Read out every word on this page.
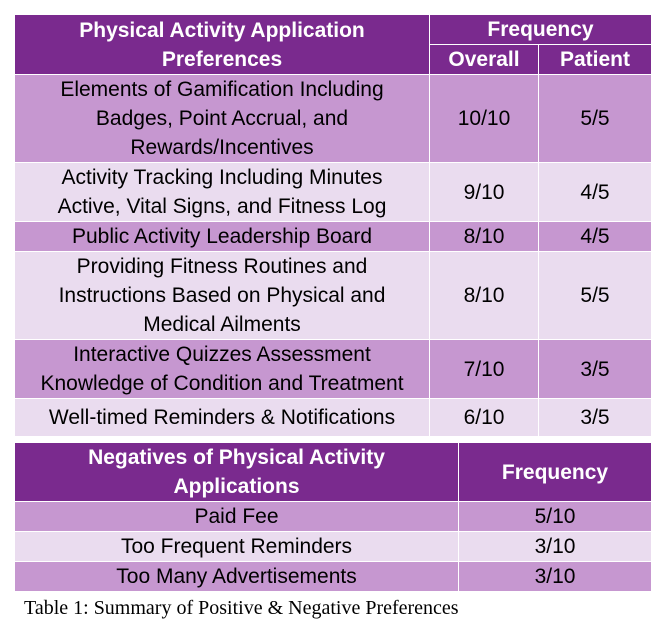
Physical Activity Application Preferences	Frequency	
	Overall	Patient
Elements of Gamification Including Badges, Point Accrual, and Rewards/Incentives	10/10	5/5
Activity Tracking Including Minutes Active, Vital Signs, and Fitness Log	9/10	4/5
Public Activity Leadership Board	8/10	4/5
Providing Fitness Routines and Instructions Based on Physical and Medical Ailments	8/10	5/5
Interactive Quizzes Assessment Knowledge of Condition and Treatment	7/10	3/5
Well-timed Reminders & Notifications	6/10	3/5
Negatives of Physical Activity Applications	Frequency
Paid Fee	5/10
Too Frequent Reminders	3/10
Too Many Advertisements	3/10
Table 1: Summary of Positive & Negative Preferences
